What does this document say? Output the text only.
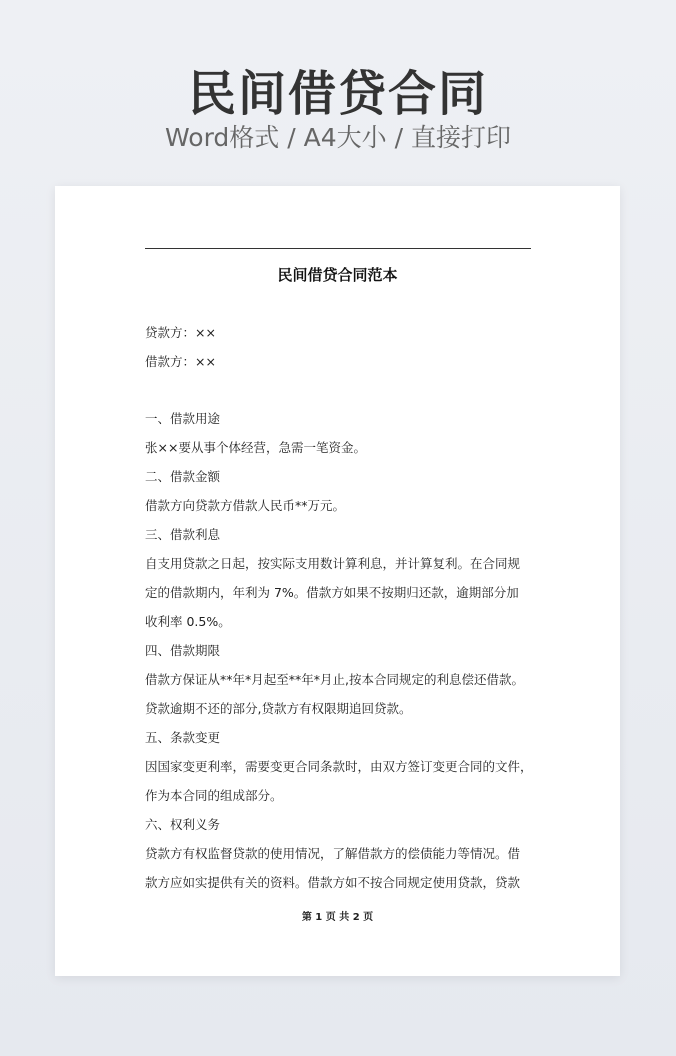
民间借贷合同
Word格式 / A4大小 / 直接打印
民间借贷合同范本
贷款方：××
借款方：××
一、借款用途
张××要从事个体经营，急需一笔资金。
二、借款金额
借款方向贷款方借款人民币**万元。
三、借款利息
自支用贷款之日起，按实际支用数计算利息，并计算复利。在合同规
定的借款期内，年利为 7%。借款方如果不按期归还款，逾期部分加
收利率 0.5%。
四、借款期限
借款方保证从**年*月起至**年*月止,按本合同规定的利息偿还借款。
贷款逾期不还的部分,贷款方有权限期追回贷款。
五、条款变更
因国家变更利率，需要变更合同条款时，由双方签订变更合同的文件，
作为本合同的组成部分。
六、权利义务
贷款方有权监督贷款的使用情况，了解借款方的偿债能力等情况。借
款方应如实提供有关的资料。借款方如不按合同规定使用贷款，贷款
第 1 页 共 2 页
